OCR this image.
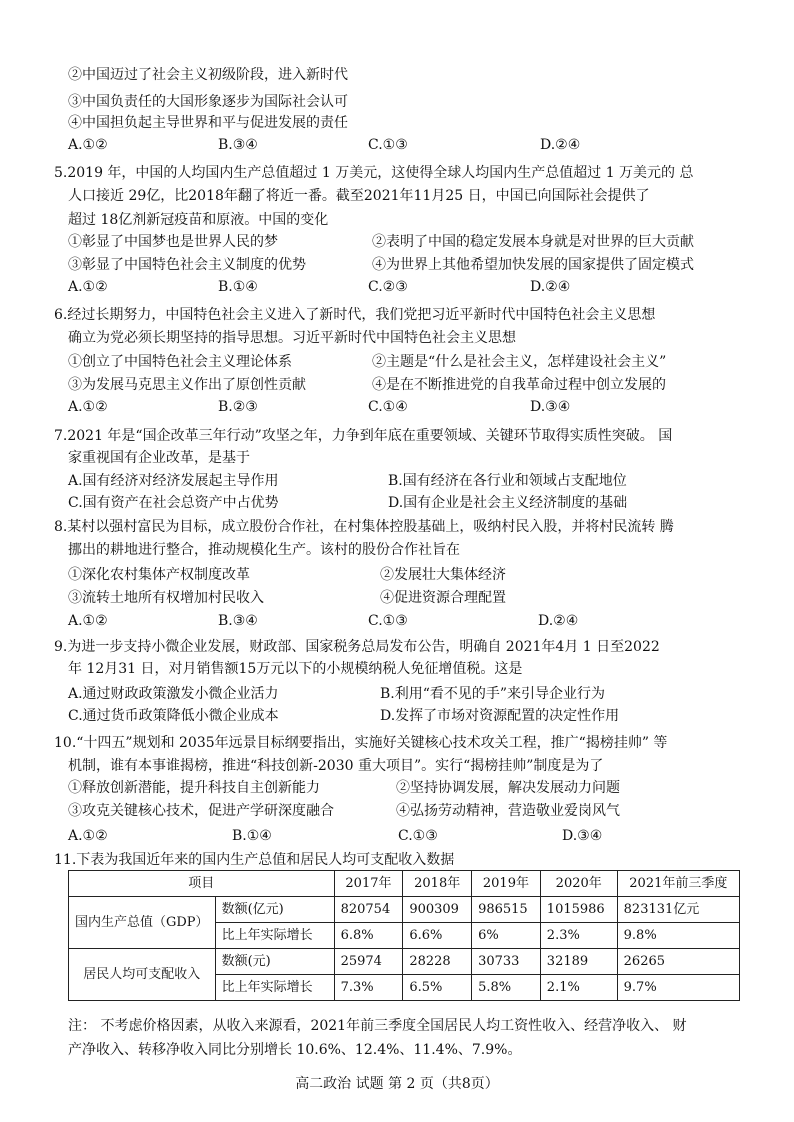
②中国迈过了社会主义初级阶段，进入新时代
③中国负责任的大国形象逐步为国际社会认可
④中国担负起主导世界和平与促进发展的责任
A.①②	B.③④	C.①③	D.②④
5.2019 年，中国的人均国内生产总值超过 1 万美元，这使得全球人均国内生产总值超过 1 万美元的 总
人口接近 29亿，比2018年翻了将近一番。截至2021年11月25 日，中国已向国际社会提供了
超过 18亿剂新冠疫苗和原液。中国的变化
①彰显了中国梦也是世界人民的梦	②表明了中国的稳定发展本身就是对世界的巨大贡献
③彰显了中国特色社会主义制度的优势	④为世界上其他希望加快发展的国家提供了固定模式
A.①②	B.①④	C.②③	D.②④
6.经过长期努力，中国特色社会主义进入了新时代，我们党把习近平新时代中国特色社会主义思想
确立为党必须长期坚持的指导思想。习近平新时代中国特色社会主义思想
①创立了中国特色社会主义理论体系	②主题是“什么是社会主义，怎样建设社会主义”
③为发展马克思主义作出了原创性贡献	④是在不断推进党的自我革命过程中创立发展的
A.①②	B.②③	C.①④	D.③④
7.2021 年是“国企改革三年行动”攻坚之年，力争到年底在重要领域、关键环节取得实质性突破。 国
家重视国有企业改革，是基于
A.国有经济对经济发展起主导作用	B.国有经济在各行业和领域占支配地位
C.国有资产在社会总资产中占优势	D.国有企业是社会主义经济制度的基础
8.某村以强村富民为目标，成立股份合作社，在村集体控股基础上，吸纳村民入股，并将村民流转 腾
挪出的耕地进行整合，推动规模化生产。该村的股份合作社旨在
①深化农村集体产权制度改革	②发展壮大集体经济
③流转土地所有权增加村民收入	④促进资源合理配置
A.①②	B.③④	C.①③	D.②④
9.为进一步支持小微企业发展，财政部、国家税务总局发布公告，明确自 2021年4月 1 日至2022
年 12月31 日，对月销售额15万元以下的小规模纳税人免征增值税。这是
A.通过财政政策激发小微企业活力	B.利用“看不见的手”来引导企业行为
C.通过货币政策降低小微企业成本	D.发挥了市场对资源配置的决定性作用
10.“十四五”规划和 2035年远景目标纲要指出，实施好关键核心技术攻关工程，推广“揭榜挂帅” 等
机制，谁有本事谁揭榜，推进“科技创新-2030 重大项目”。实行“揭榜挂帅”制度是为了
①释放创新潜能，提升科技自主创新能力	②坚持协调发展，解决发展动力问题
③攻克关键核心技术，促进产学研深度融合	④弘扬劳动精神，营造敬业爱岗风气
A.①②	B.①④	C.①③	D.③④
11.下表为我国近年来的国内生产总值和居民人均可支配收入数据
项目		2017年	2018年	2019年	2020年	2021年前三季度
国内生产总值（GDP）	数额(亿元)	820754	900309	986515	1015986	823131亿元
	比上年实际增长	6.8%	6.6%	6%	2.3%	9.8%
居民人均可支配收入	数额(元)	25974	28228	30733	32189	26265
	比上年实际增长	7.3%	6.5%	5.8%	2.1%	9.7%
注： 不考虑价格因素，从收入来源看，2021年前三季度全国居民人均工资性收入、经营净收入、 财
产净收入、转移净收入同比分别增长 10.6%、12.4%、11.4%、7.9%。
高二政治 试题 第 2 页（共8页）
